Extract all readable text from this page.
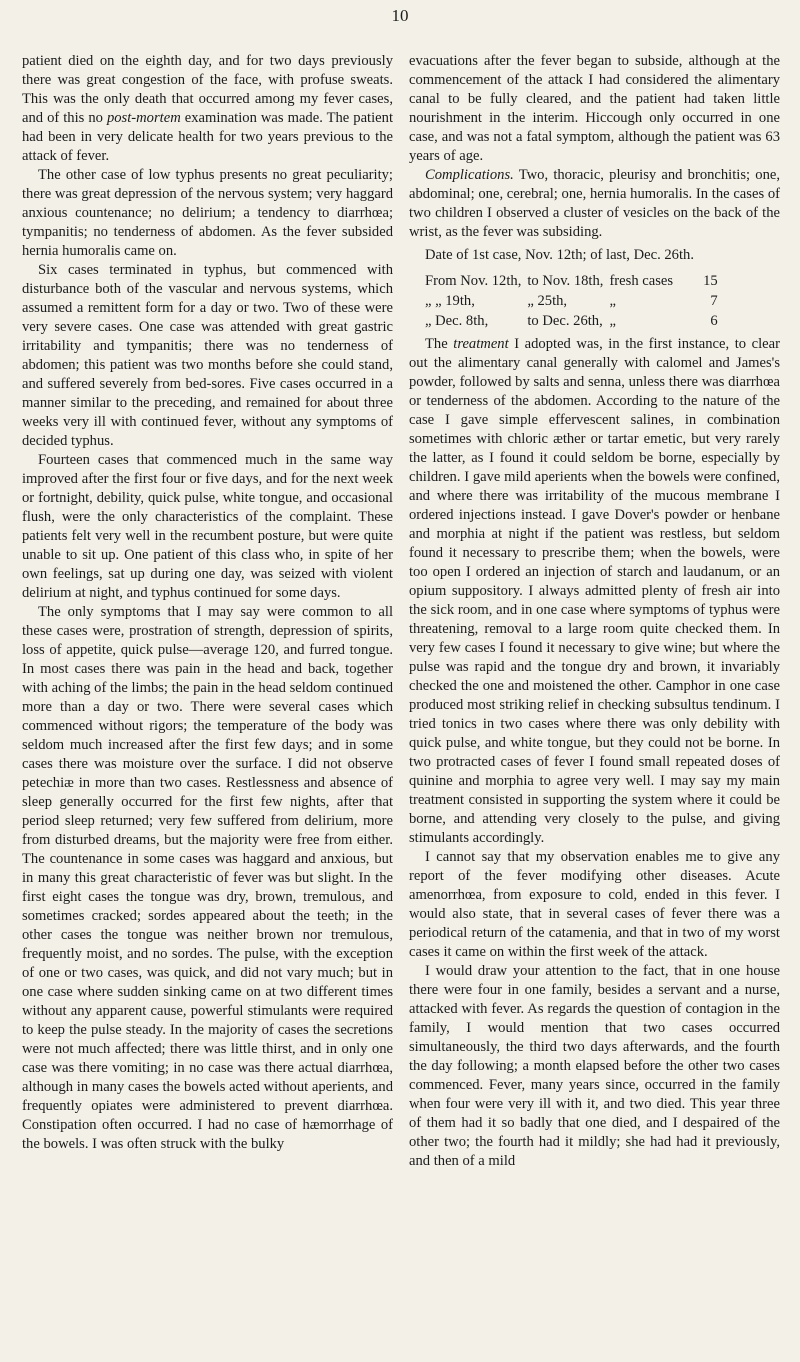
10

patient died on the eighth day, and for two days previously there was great congestion of the face, with profuse sweats. This was the only death that occurred among my fever cases, and of this no post-mortem examination was made. The patient had been in very delicate health for two years previous to the attack of fever.

The other case of low typhus presents no great peculiarity; there was great depression of the nervous system; very haggard anxious countenance; no delirium; a tendency to diarrhœa; tympanitis; no tenderness of abdomen. As the fever subsided hernia humoralis came on.

Six cases terminated in typhus, but commenced with disturbance both of the vascular and nervous systems, which assumed a remittent form for a day or two. Two of these were very severe cases. One case was attended with great gastric irritability and tympanitis; there was no tenderness of abdomen; this patient was two months before she could stand, and suffered severely from bed-sores. Five cases occurred in a manner similar to the preceding, and remained for about three weeks very ill with continued fever, without any symptoms of decided typhus.

Fourteen cases that commenced much in the same way improved after the first four or five days, and for the next week or fortnight, debility, quick pulse, white tongue, and occasional flush, were the only characteristics of the complaint. These patients felt very well in the recumbent posture, but were quite unable to sit up. One patient of this class who, in spite of her own feelings, sat up during one day, was seized with violent delirium at night, and typhus continued for some days.

The only symptoms that I may say were common to all these cases were, prostration of strength, depression of spirits, loss of appetite, quick pulse—average 120, and furred tongue. In most cases there was pain in the head and back, together with aching of the limbs; the pain in the head seldom continued more than a day or two. There were several cases which commenced without rigors; the temperature of the body was seldom much increased after the first few days; and in some cases there was moisture over the surface. I did not observe petechiæ in more than two cases. Restlessness and absence of sleep generally occurred for the first few nights, after that period sleep returned; very few suffered from delirium, more from disturbed dreams, but the majority were free from either. The countenance in some cases was haggard and anxious, but in many this great characteristic of fever was but slight. In the first eight cases the tongue was dry, brown, tremulous, and sometimes cracked; sordes appeared about the teeth; in the other cases the tongue was neither brown nor tremulous, frequently moist, and no sordes. The pulse, with the exception of one or two cases, was quick, and did not vary much; but in one case where sudden sinking came on at two different times without any apparent cause, powerful stimulants were required to keep the pulse steady. In the majority of cases the secretions were not much affected; there was little thirst, and in only one case was there vomiting; in no case was there actual diarrhœa, although in many cases the bowels acted without aperients, and frequently opiates were administered to prevent diarrhœa. Constipation often occurred. I had no case of hæmorrhage of the bowels. I was often struck with the bulky

evacuations after the fever began to subside, although at the commencement of the attack I had considered the alimentary canal to be fully cleared, and the patient had taken little nourishment in the interim. Hiccough only occurred in one case, and was not a fatal symptom, although the patient was 63 years of age.

Complications. Two, thoracic, pleurisy and bronchitis; one, abdominal; one, cerebral; one, hernia humoralis. In the cases of two children I observed a cluster of vesicles on the back of the wrist, as the fever was subsiding.

Date of 1st case, Nov. 12th; of last, Dec. 26th.

From Nov. 12th,	to Nov. 18th,	fresh cases	15
„ „ 19th,	„ 25th,	„	7
„ Dec. 8th,	to Dec. 26th,	„	6

The treatment I adopted was, in the first instance, to clear out the alimentary canal generally with calomel and James's powder, followed by salts and senna, unless there was diarrhœa or tenderness of the abdomen. According to the nature of the case I gave simple effervescent salines, in combination sometimes with chloric æther or tartar emetic, but very rarely the latter, as I found it could seldom be borne, especially by children. I gave mild aperients when the bowels were confined, and where there was irritability of the mucous membrane I ordered injections instead. I gave Dover's powder or henbane and morphia at night if the patient was restless, but seldom found it necessary to prescribe them; when the bowels, were too open I ordered an injection of starch and laudanum, or an opium suppository. I always admitted plenty of fresh air into the sick room, and in one case where symptoms of typhus were threatening, removal to a large room quite checked them. In very few cases I found it necessary to give wine; but where the pulse was rapid and the tongue dry and brown, it invariably checked the one and moistened the other. Camphor in one case produced most striking relief in checking subsultus tendinum. I tried tonics in two cases where there was only debility with quick pulse, and white tongue, but they could not be borne. In two protracted cases of fever I found small repeated doses of quinine and morphia to agree very well. I may say my main treatment consisted in supporting the system where it could be borne, and attending very closely to the pulse, and giving stimulants accordingly.

I cannot say that my observation enables me to give any report of the fever modifying other diseases. Acute amenorrhœa, from exposure to cold, ended in this fever. I would also state, that in several cases of fever there was a periodical return of the catamenia, and that in two of my worst cases it came on within the first week of the attack.

I would draw your attention to the fact, that in one house there were four in one family, besides a servant and a nurse, attacked with fever. As regards the question of contagion in the family, I would mention that two cases occurred simultaneously, the third two days afterwards, and the fourth the day following; a month elapsed before the other two cases commenced. Fever, many years since, occurred in the family when four were very ill with it, and two died. This year three of them had it so badly that one died, and I despaired of the other two; the fourth had it mildly; she had had it previously, and then of a mild
